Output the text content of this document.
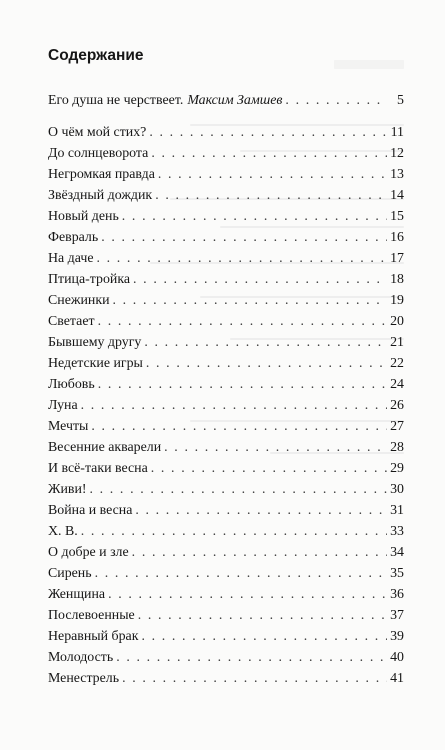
Содержание
Его душа не черствеет. Максим Замшев . . .	5
О чём мой стих? . . .	11
До солнцеворота . . .	12
Негромкая правда . . .	13
Звёздный дождик . . .	14
Новый день . . .	15
Февраль . . .	16
На даче . . .	17
Птица-тройка . . .	18
Снежинки . . .	19
Светает . . .	20
Бывшему другу . . .	21
Недетские игры . . .	22
Любовь . . .	24
Луна . . .	26
Мечты . . .	27
Весенние акварели . . .	28
И всё-таки весна . . .	29
Живи! . . .	30
Война и весна . . .	31
Х. В. . . .	33
О добре и зле . . .	34
Сирень . . .	35
Женщина . . .	36
Послевоенные . . .	37
Неравный брак . . .	39
Молодость . . .	40
Менестрель . . .	41
